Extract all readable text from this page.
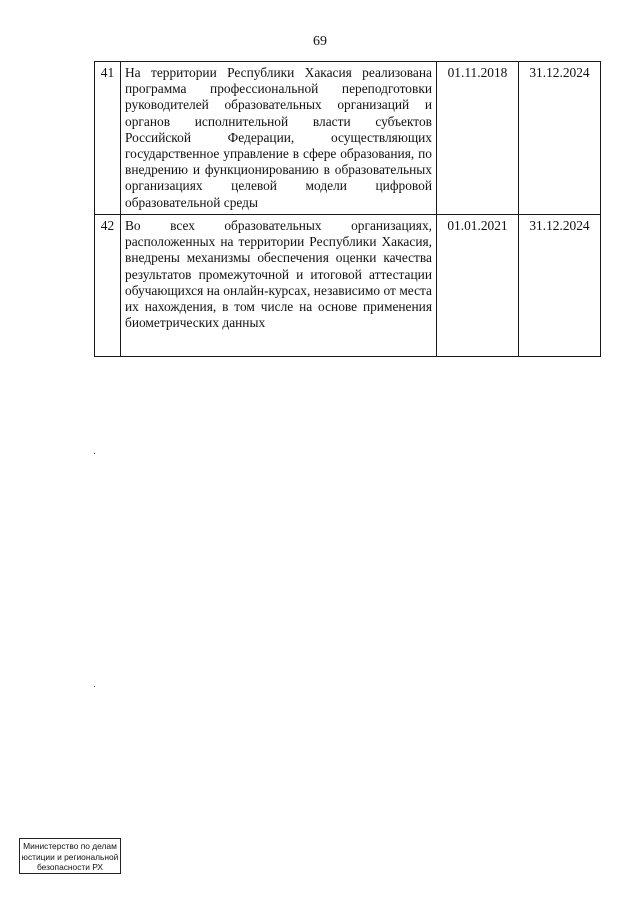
69
41	На территории Республики Хакасия реализована программа профессиональной переподготовки руководителей образовательных организаций и органов исполнительной власти субъектов Российской Федерации, осуществляющих государственное управление в сфере образования, по внедрению и функционированию в образовательных организациях целевой модели цифровой образовательной среды	01.11.2018	31.12.2024
42	Во всех образовательных организациях, расположенных на территории Республики Хакасия, внедрены механизмы обеспечения оценки качества результатов промежуточной и итоговой аттестации обучающихся на онлайн-курсах, независимо от места их нахождения, в том числе на основе применения биометрических данных	01.01.2021	31.12.2024
Министерство по делам
юстиции и региональной
безопасности РХ
